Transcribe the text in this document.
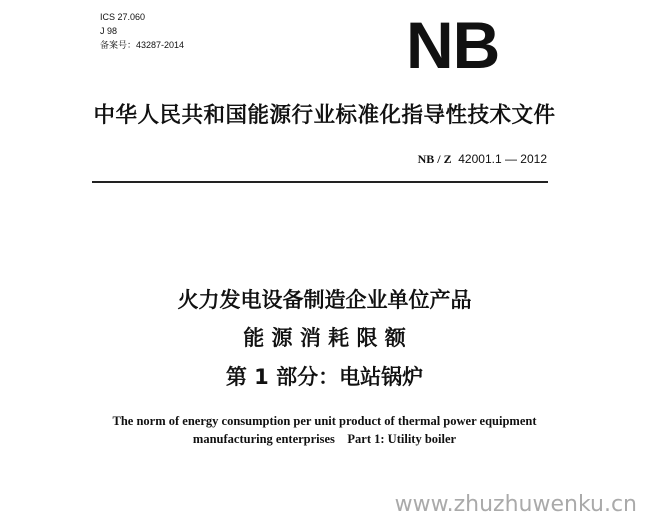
ICS 27.060
J 98
备案号：43287-2014	NB
中华人民共和国能源行业标准化指导性技术文件
NB / Z 42001.1 — 2012
火力发电设备制造企业单位产品
能 源 消 耗 限 额
第 1 部分：电站锅炉
The norm of energy consumption per unit product of thermal power equipment
manufacturing enterprises    Part 1: Utility boiler
www.zhuzhuwenku.cn
